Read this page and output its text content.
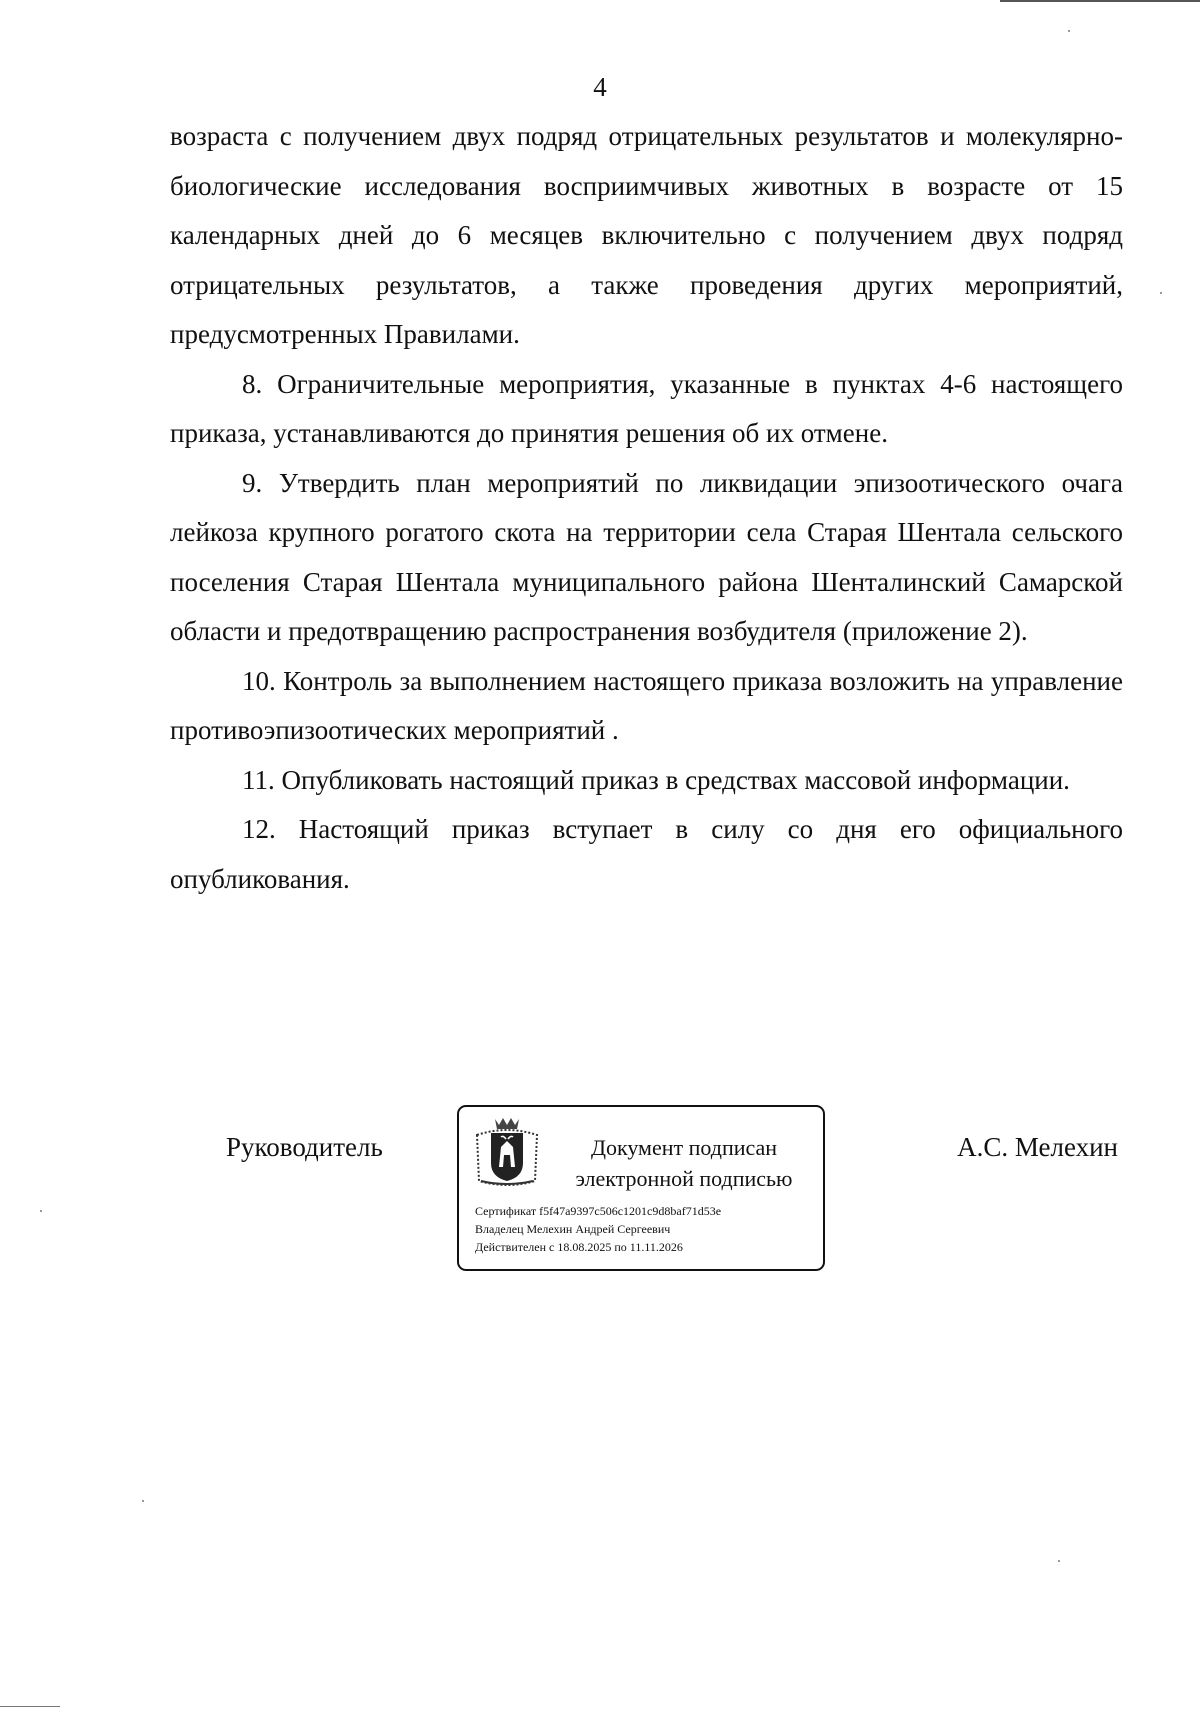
4

возраста с получением двух подряд отрицательных результатов и молекулярно-биологические исследования восприимчивых животных в возрасте от 15 календарных дней до 6 месяцев включительно с получением двух подряд отрицательных результатов, а также проведения других мероприятий, предусмотренных Правилами.

8. Ограничительные мероприятия, указанные в пунктах 4-6 настоящего приказа, устанавливаются до принятия решения об их отмене.

9. Утвердить план мероприятий по ликвидации эпизоотического очага лейкоза крупного рогатого скота на территории села Старая Шентала сельского поселения Старая Шентала муниципального района Шенталинский Самарской области и предотвращению распространения возбудителя (приложение 2).

10. Контроль за выполнением настоящего приказа возложить на управление противоэпизоотических мероприятий .

11. Опубликовать настоящий приказ в средствах массовой информации.

12. Настоящий приказ вступает в силу со дня его официального опубликования.

Руководитель	Документ подписан
электронной подписью
Сертификат f5f47a9397c506c1201c9d8baf71d53e
Владелец Мелехин Андрей Сергеевич
Действителен с 18.08.2025 по 11.11.2026
А.С. Мелехин
